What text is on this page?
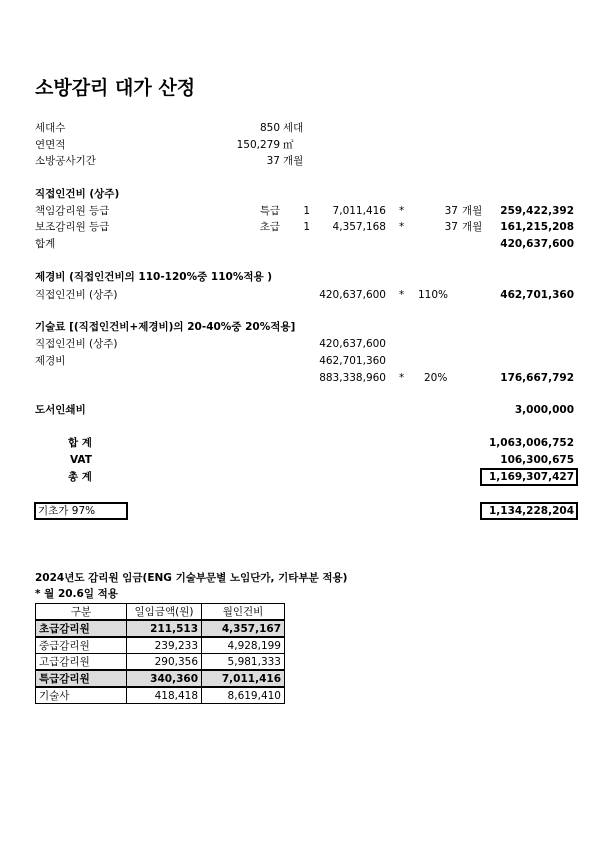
소방감리 대가 산정
세대수	850 세대
연면적	150,279 ㎡
소방공사기간	37 개월
직접인건비 (상주)
책임감리원 등급	특급	1	7,011,416 *	37 개월	259,422,392
보조감리원 등급	초급	1	4,357,168 *	37 개월	161,215,208
합계	420,637,600
제경비 (직접인건비의 110-120%중 110%적용 )
직접인건비 (상주)	420,637,600 * 110%	462,701,360
기술료 [(직접인건비+제경비)의 20-40%중 20%적용]
직접인건비 (상주)	420,637,600
제경비	462,701,360
883,338,960 * 20%	176,667,792
도서인쇄비	3,000,000
합 계	1,063,006,752
VAT	106,300,675
총 계	1,169,307,427
기초가 97%	1,134,228,204
2024년도 감리원 임금(ENG 기술부문별 노임단가, 기타부분 적용)
* 월 20.6일 적용
구분	일임금액(원)	월인건비
초급감리원	211,513	4,357,167
중급감리원	239,233	4,928,199
고급감리원	290,356	5,981,333
특급감리원	340,360	7,011,416
기술사	418,418	8,619,410
